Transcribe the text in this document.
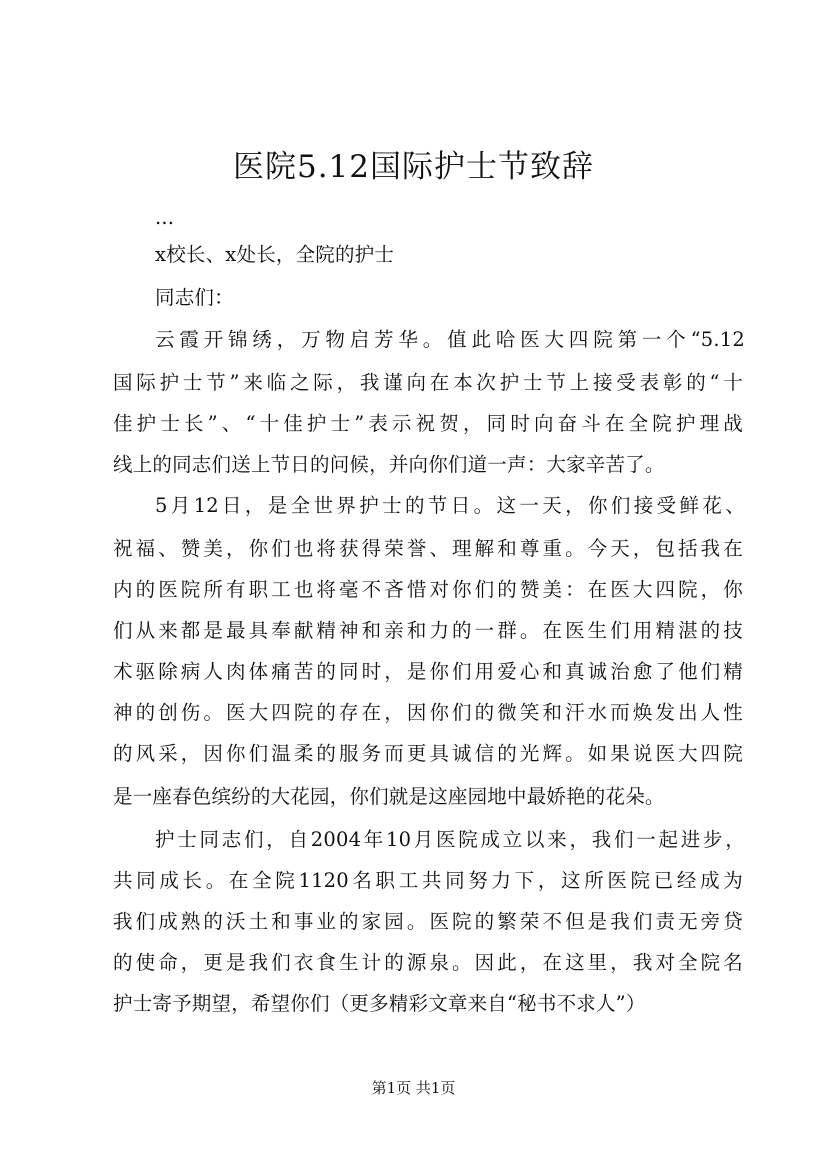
医院5.12国际护士节致辞
...
x校长、x处长，全院的护士
同志们：
云霞开锦绣，万物启芳华。值此哈医大四院第一个“5.12
国际护士节”来临之际，我谨向在本次护士节上接受表彰的“十
佳护士长”、“十佳护士”表示祝贺，同时向奋斗在全院护理战
线上的同志们送上节日的问候，并向你们道一声：大家辛苦了。
5月12日，是全世界护士的节日。这一天，你们接受鲜花、
祝福、赞美，你们也将获得荣誉、理解和尊重。今天，包括我在
内的医院所有职工也将毫不吝惜对你们的赞美：在医大四院，你
们从来都是最具奉献精神和亲和力的一群。在医生们用精湛的技
术驱除病人肉体痛苦的同时，是你们用爱心和真诚治愈了他们精
神的创伤。医大四院的存在，因你们的微笑和汗水而焕发出人性
的风采，因你们温柔的服务而更具诚信的光辉。如果说医大四院
是一座春色缤纷的大花园，你们就是这座园地中最娇艳的花朵。
护士同志们，自2004年10月医院成立以来，我们一起进步，
共同成长。在全院1120名职工共同努力下，这所医院已经成为
我们成熟的沃土和事业的家园。医院的繁荣不但是我们责无旁贷
的使命，更是我们衣食生计的源泉。因此，在这里，我对全院名
护士寄予期望，希望你们（更多精彩文章来自“秘书不求人”）
第1页 共1页
